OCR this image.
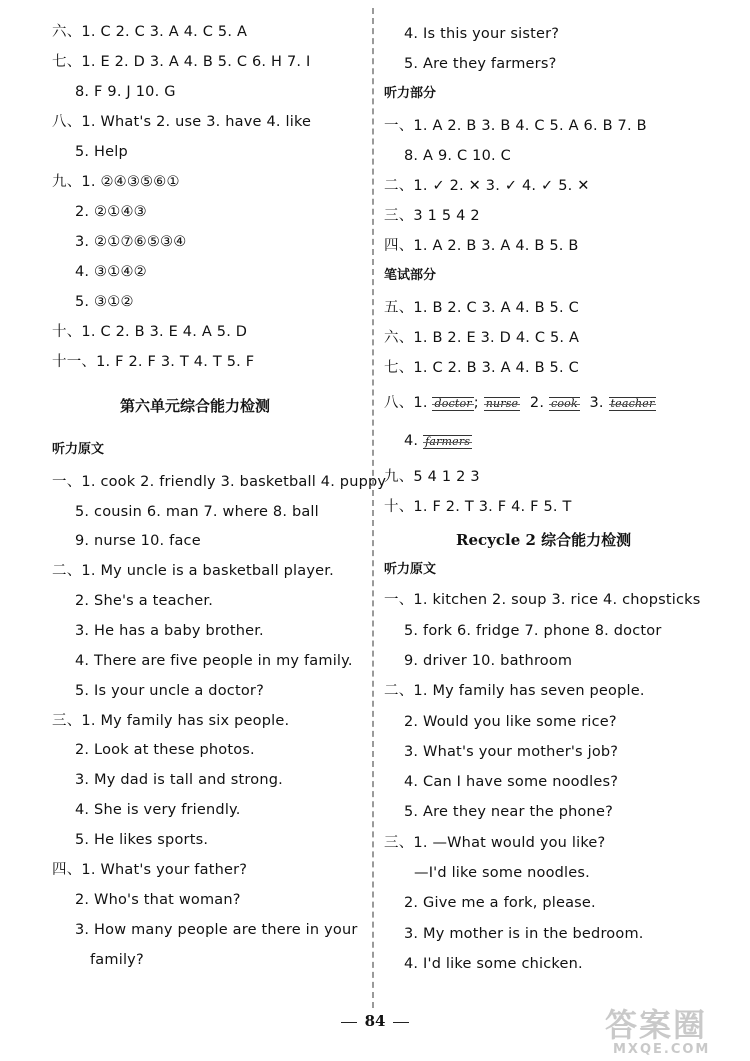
六、1. C 2. C 3. A 4. C 5. A
七、1. E 2. D 3. A 4. B 5. C 6. H 7. I
8. F 9. J 10. G
八、1. What's 2. use 3. have 4. like
5. Help
九、1. ②④③⑤⑥①
2. ②①④③
3. ②①⑦⑥⑤③④
4. ③①④②
5. ③①②
十、1. C 2. B 3. E 4. A 5. D
十一、1. F 2. F 3. T 4. T 5. F
第六单元综合能力检测
听力原文
一、1. cook 2. friendly 3. basketball 4. puppy
5. cousin 6. man 7. where 8. ball
9. nurse 10. face
二、1. My uncle is a basketball player.
2. She's a teacher.
3. He has a baby brother.
4. There are five people in my family.
5. Is your uncle a doctor?
三、1. My family has six people.
2. Look at these photos.
3. My dad is tall and strong.
4. She is very friendly.
5. He likes sports.
四、1. What's your father?
2. Who's that woman?
3. How many people are there in your
family?
4. Is this your sister?
5. Are they farmers?
听力部分
一、1. A 2. B 3. B 4. C 5. A 6. B 7. B
8. A 9. C 10. C
二、1. ✓ 2. ✕ 3. ✓ 4. ✓ 5. ✕
三、3 1 5 4 2
四、1. A 2. B 3. A 4. B 5. B
笔试部分
五、1. B 2. C 3. A 4. B 5. C
六、1. B 2. E 3. D 4. C 5. A
七、1. C 2. B 3. A 4. B 5. C
八、1. doctor ; nurse 2. cook 3. teacher
4. farmers
九、5 4 1 2 3
十、1. F 2. T 3. F 4. F 5. T
Recycle 2 综合能力检测
听力原文
一、1. kitchen 2. soup 3. rice 4. chopsticks
5. fork 6. fridge 7. phone 8. doctor
9. driver 10. bathroom
二、1. My family has seven people.
2. Would you like some rice?
3. What's your mother's job?
4. Can I have some noodles?
5. Are they near the phone?
三、1. —What would you like?
—I'd like some noodles.
2. Give me a fork, please.
3. My mother is in the bedroom.
4. I'd like some chicken.
84	答案圈
MXQE.COM
